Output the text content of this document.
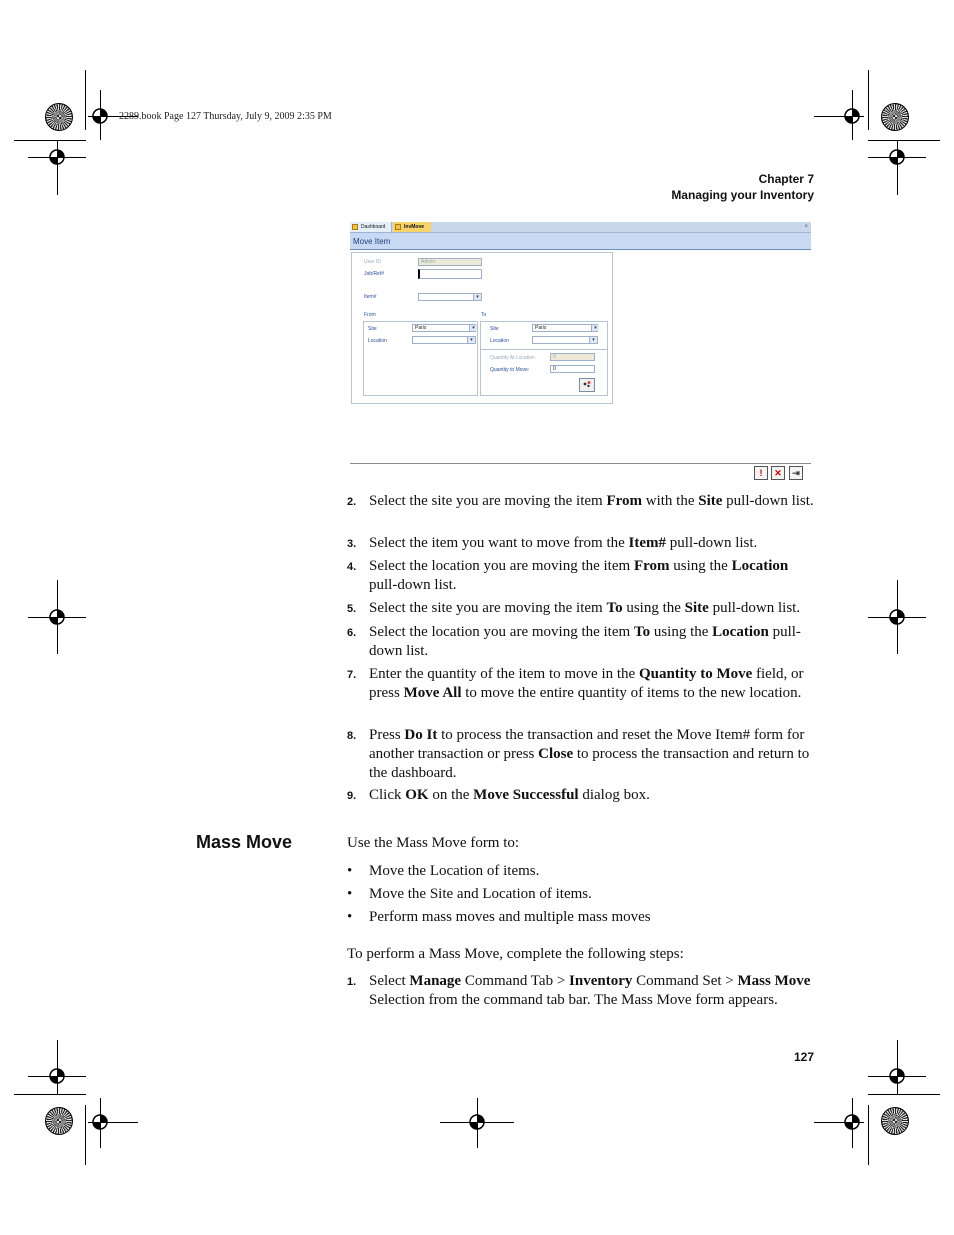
2289.book Page 127 Thursday, July 9, 2009 2:35 PM
Chapter 7
Managing your Inventory
Dashboard	InvMove	×
Move Item
User ID	Admin
Job/Ref#
Item#	▾
From	To
Site	Paris	▾
Location	▾
Site	Paris	▾
Location	▾
Quantity At Location	0
Quantity to Move:	0
!	✕	⇥
2. Select the site you are moving the item From with the Site pull-down list.
3. Select the item you want to move from the Item# pull-down list.
4. Select the location you are moving the item From using the Location pull-down list.
5. Select the site you are moving the item To using the Site pull-down list.
6. Select the location you are moving the item To using the Location pull-down list.
7. Enter the quantity of the item to move in the Quantity to Move field, or press Move All to move the entire quantity of items to the new location.
8. Press Do It to process the transaction and reset the Move Item# form for another transaction or press Close to process the transaction and return to the dashboard.
9. Click OK on the Move Successful dialog box.
Mass Move	Use the Mass Move form to:
• Move the Location of items.
• Move the Site and Location of items.
• Perform mass moves and multiple mass moves
To perform a Mass Move, complete the following steps:
1. Select Manage Command Tab > Inventory Command Set > Mass Move Selection from the command tab bar. The Mass Move form appears.
127
